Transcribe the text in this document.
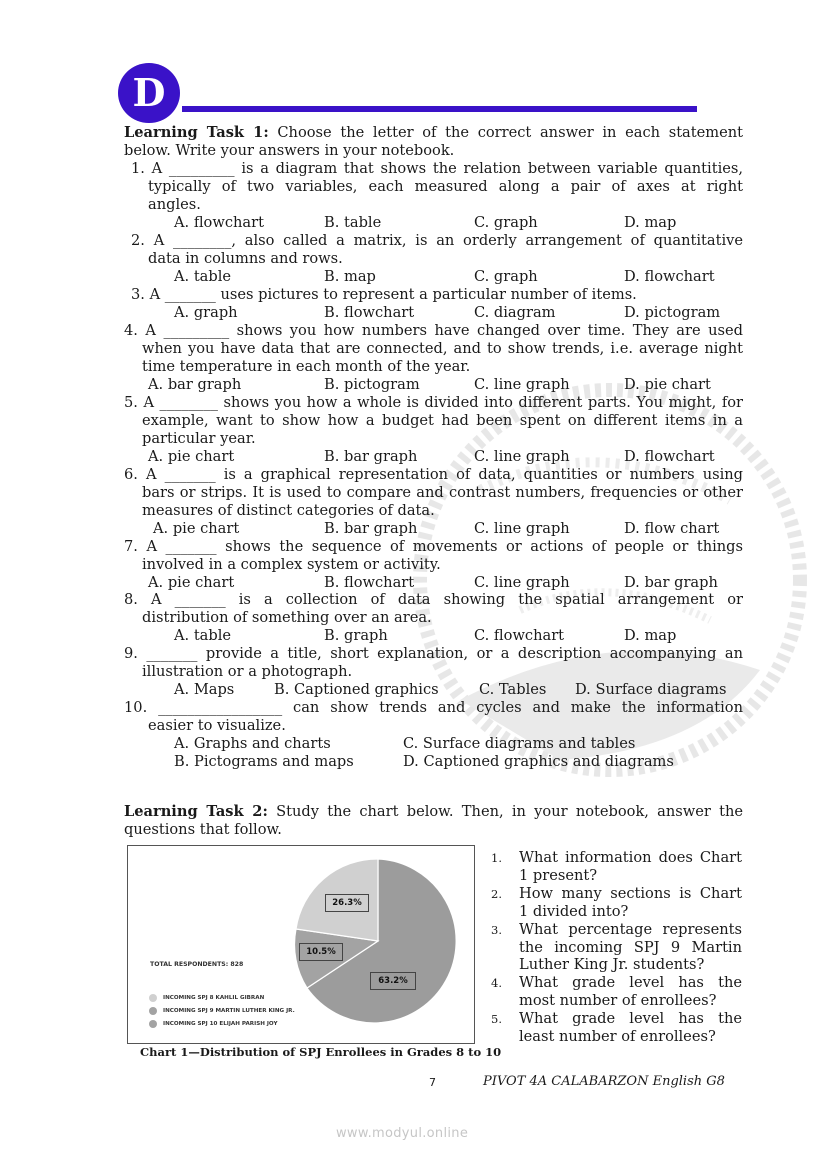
D
Learning Task 1: Choose the letter of the correct answer in each statement
below. Write your answers in your notebook.
1. A _________ is a diagram that shows the relation between variable quantities,
typically of two variables, each measured along a pair of axes at right
angles.
A. flowchart	B. table	C. graph	D. map
2. A ________, also called a matrix, is an orderly arrangement of quantitative
data in columns and rows.
A. table	B. map	C. graph	D. flowchart
3. A _______ uses pictures to represent a particular number of items.
A. graph	B. flowchart	C. diagram	D. pictogram
4. A _________ shows you how numbers have changed over time. They are used
when you have data that are connected, and to show trends, i.e. average night
time temperature in each month of the year.
A. bar graph	B. pictogram	C. line graph	D. pie chart
5. A ________ shows you how a whole is divided into different parts. You might, for
example, want to show how a budget had been spent on different items in a
particular year.
A. pie chart	B. bar graph	C. line graph	D. flowchart
6. A _______ is a graphical representation of data, quantities or numbers using
bars or strips. It is used to compare and contrast numbers, frequencies or other
measures of distinct categories of data.
A. pie chart	B. bar graph	C. line graph	D. flow chart
7. A _______ shows the sequence of movements or actions of people or things
involved in a complex system or activity.
A. pie chart	B. flowchart	C. line graph	D. bar graph
8. A _______ is a collection of data showing the spatial arrangement or
distribution of something over an area.
A. table	B. graph	C. flowchart	D. map
9. _______ provide a title, short explanation, or a description accompanying an
illustration or a photograph.
A. Maps	B. Captioned graphics	C. Tables D. Surface diagrams
10. _________________ can show trends and cycles and make the information
easier to visualize.
A. Graphs and charts	C. Surface diagrams and tables
B. Pictograms and maps	D. Captioned graphics and diagrams
Learning Task 2: Study the chart below. Then, in your notebook, answer the
questions that follow.
26.3%
10.5%
63.2%
TOTAL RESPONDENTS: 828
INCOMING SPJ 8 KAHLIL GIBRAN
INCOMING SPJ 9 MARTIN LUTHER KING JR.
INCOMING SPJ 10 ELIJAH PARISH JOY
Chart 1—Distribution of SPJ Enrollees in Grades 8 to 10
1. What information does Chart
1 present?
2. How many sections is Chart
1 divided into?
3. What percentage represents
the incoming SPJ 9 Martin
Luther King Jr. students?
4. What grade level has the
most number of enrollees?
5. What grade level has the
least number of enrollees?
7	PIVOT 4A CALABARZON English G8
www.modyul.online
